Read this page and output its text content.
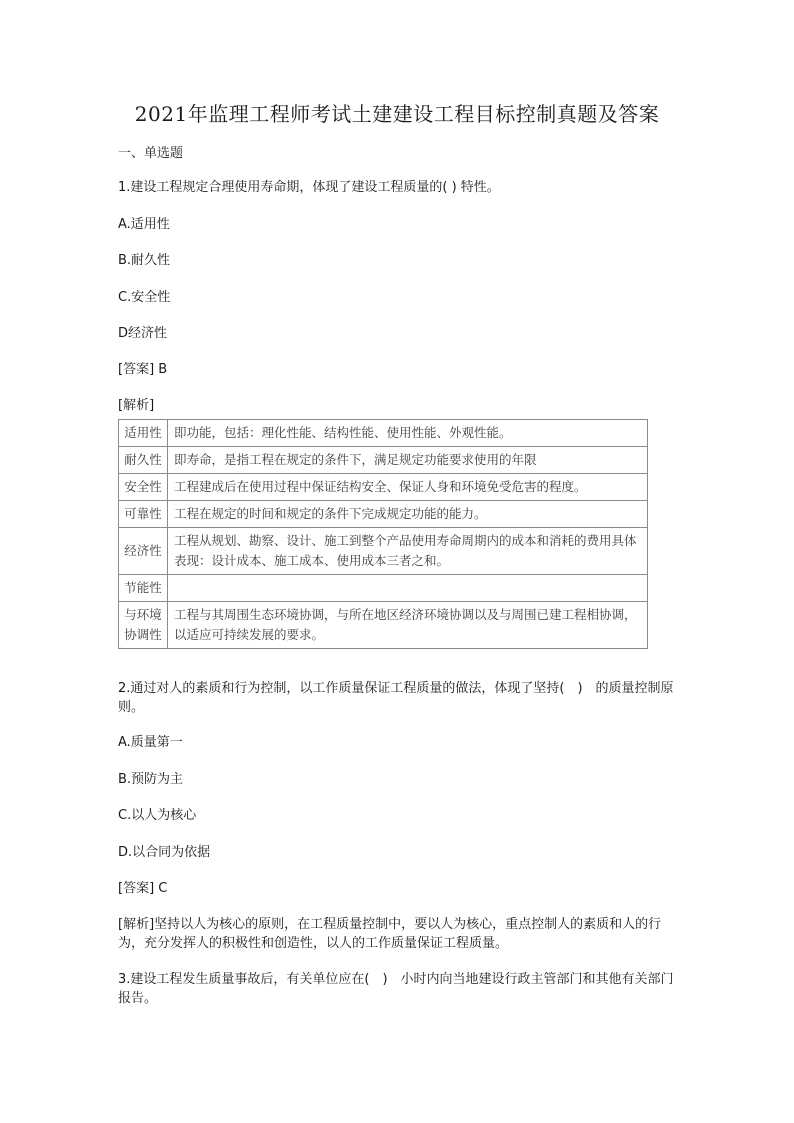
2021年监理工程师考试土建建设工程目标控制真题及答案

一、单选题

1.建设工程规定合理使用寿命期，体现了建设工程质量的( ) 特性。

A.适用性

B.耐久性

C.安全性

D经济性

[答案] B

[解析]

适用性	即功能，包括：理化性能、结构性能、使用性能、外观性能。
耐久性	即寿命，是指工程在规定的条件下，满足规定功能要求使用的年限
安全性	工程建成后在使用过程中保证结构安全、保证人身和环境免受危害的程度。
可靠性	工程在规定的时间和规定的条件下完成规定功能的能力。
经济性	工程从规划、勘察、设计、施工到整个产品使用寿命周期内的成本和消耗的费用具体表现：设计成本、施工成本、使用成本三者之和。
节能性	
与环境协调性	工程与其周围生态环境协调，与所在地区经济环境协调以及与周围已建工程相协调，以适应可持续发展的要求。

2.通过对人的素质和行为控制，以工作质量保证工程质量的做法，体现了坚持(　)　的质量控制原则。

A.质量第一

B.预防为主

C.以人为核心

D.以合同为依据

[答案] C

[解析]坚持以人为核心的原则，在工程质量控制中，要以人为核心，重点控制人的素质和人的行为，充分发挥人的积极性和创造性，以人的工作质量保证工程质量。

3.建设工程发生质量事故后，有关单位应在(　)　小时内向当地建设行政主管部门和其他有关部门报告。
